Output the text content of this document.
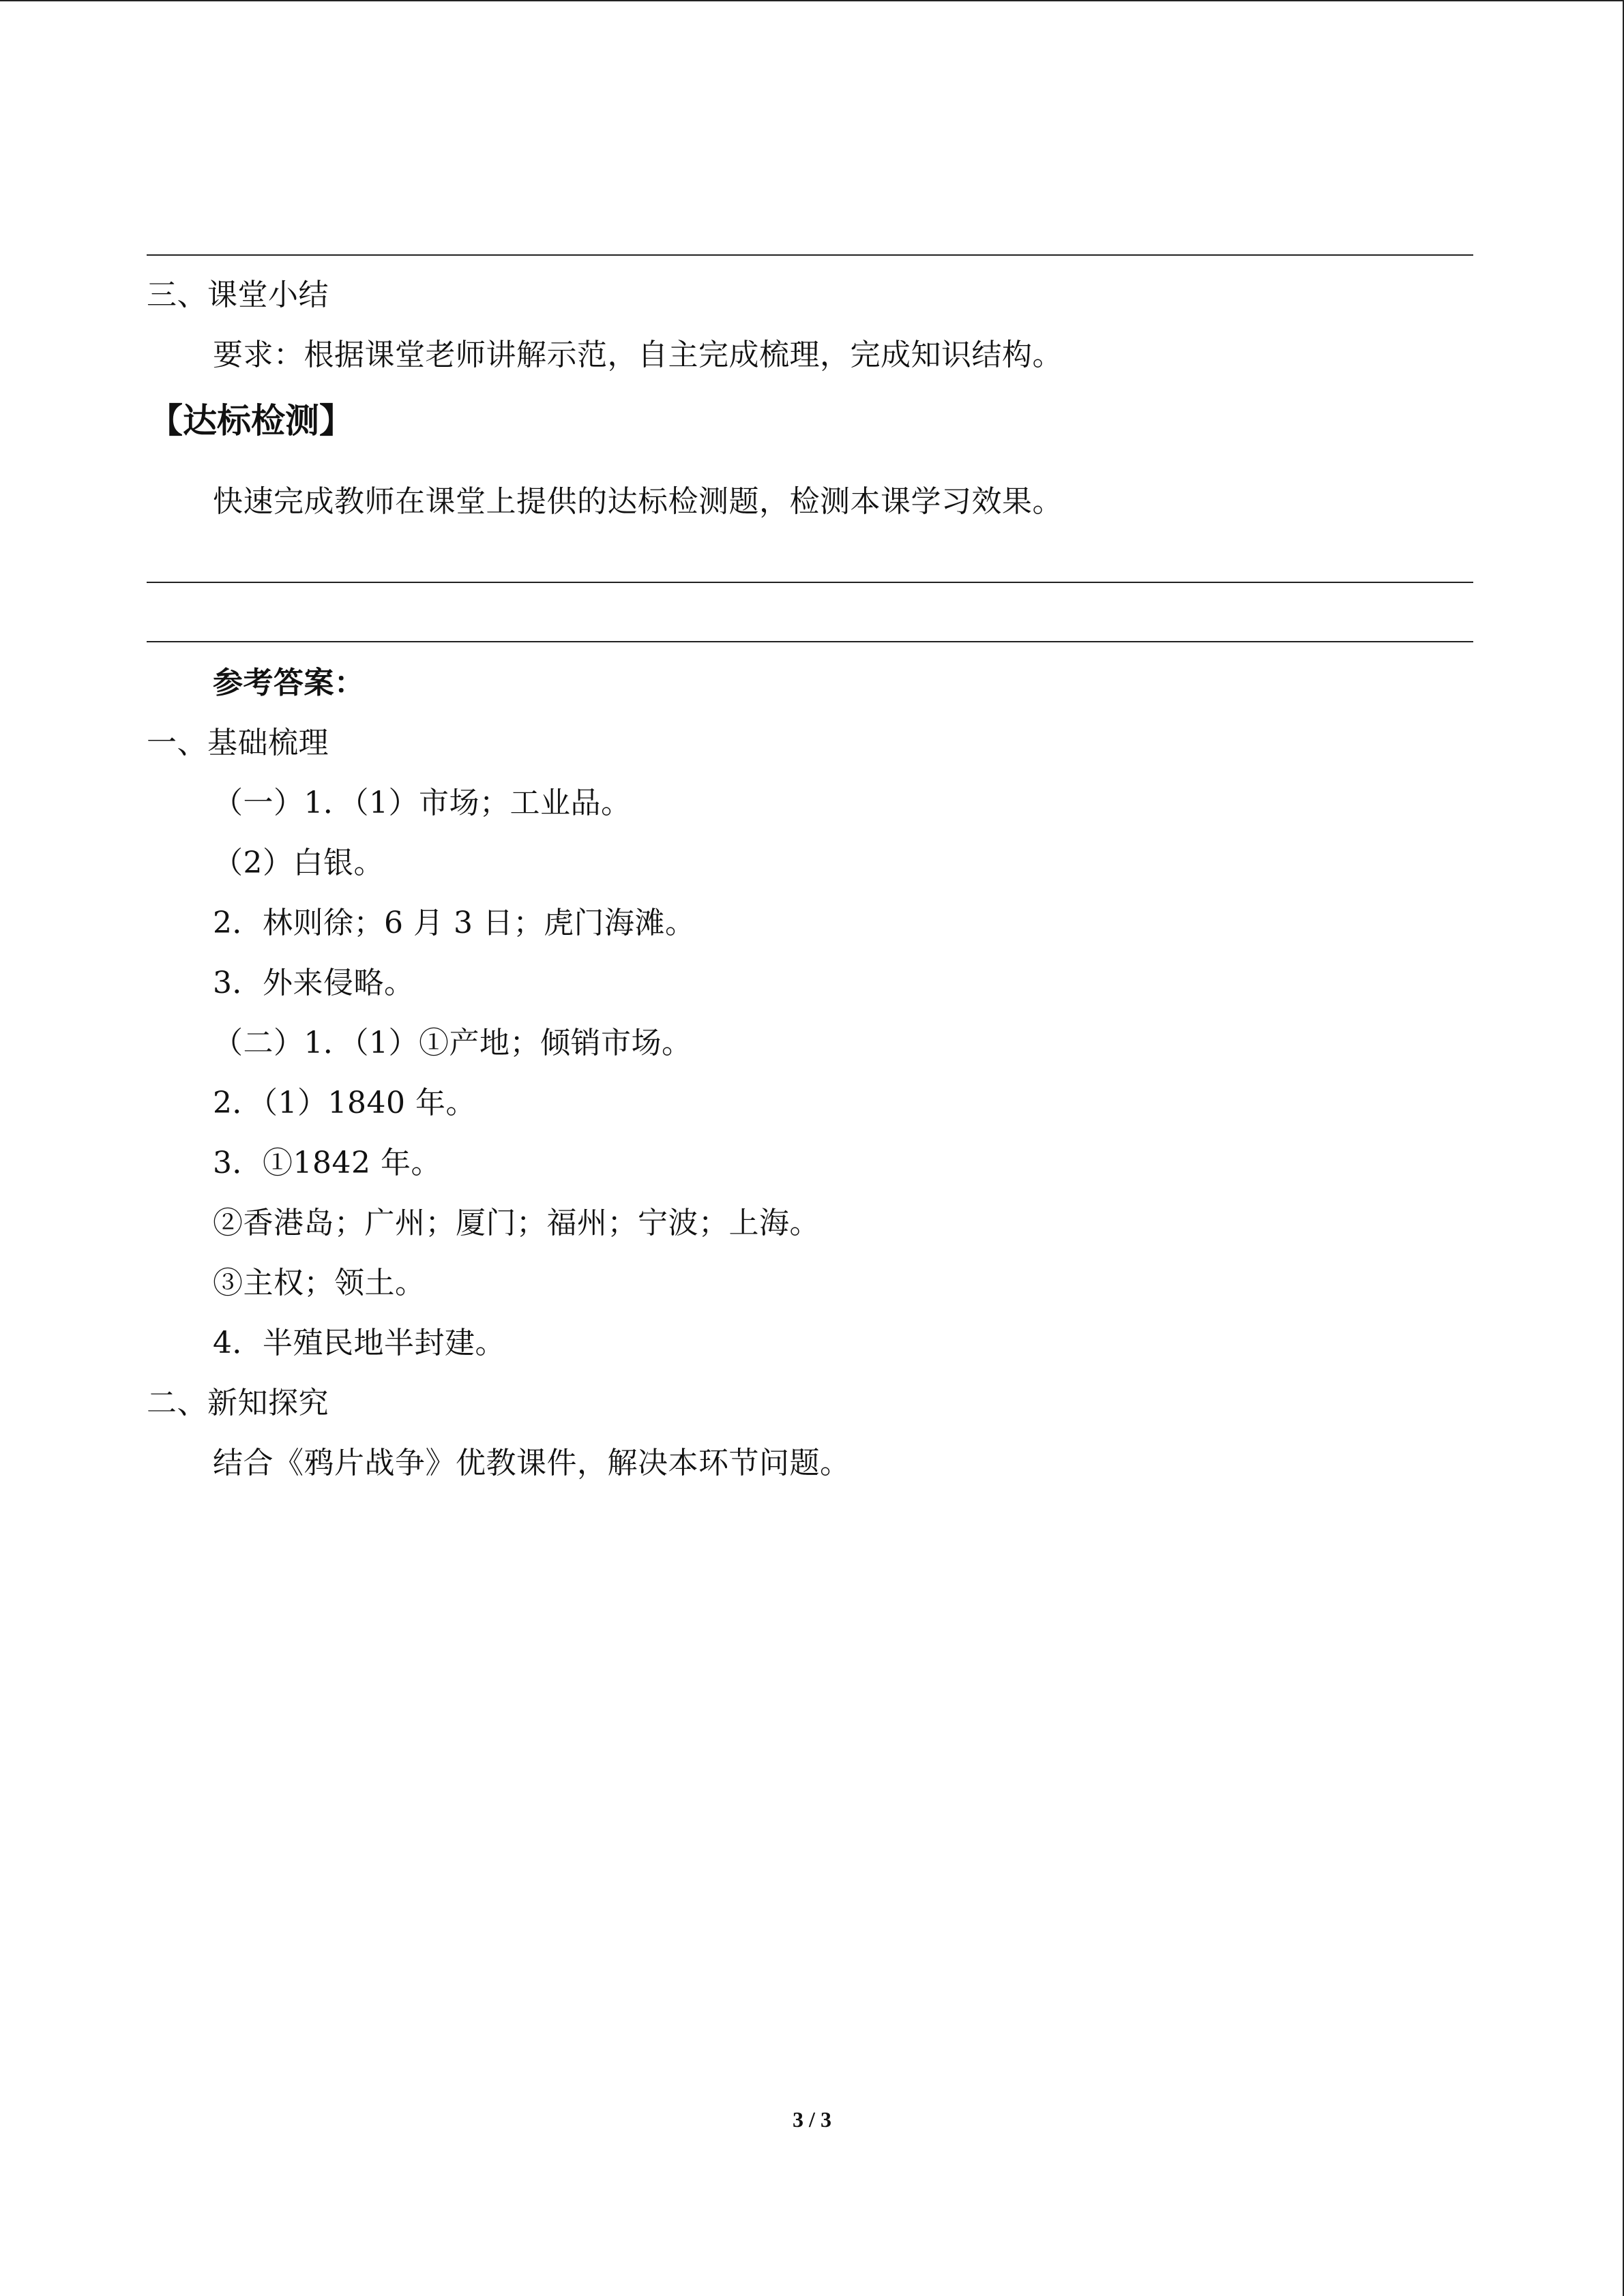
三、课堂小结
要求：根据课堂老师讲解示范，自主完成梳理，完成知识结构。
【达标检测】
快速完成教师在课堂上提供的达标检测题，检测本课学习效果。
参考答案：
一、基础梳理
（一）1．（1）市场；工业品。
（2）白银。
2．林则徐；6 月 3 日；虎门海滩。
3．外来侵略。
（二）1．（1）①产地；倾销市场。
2．（1）1840 年。
3．①1842 年。
②香港岛；广州；厦门；福州；宁波；上海。
③主权；领土。
4．半殖民地半封建。
二、新知探究
结合《鸦片战争》优教课件，解决本环节问题。
3 / 3
